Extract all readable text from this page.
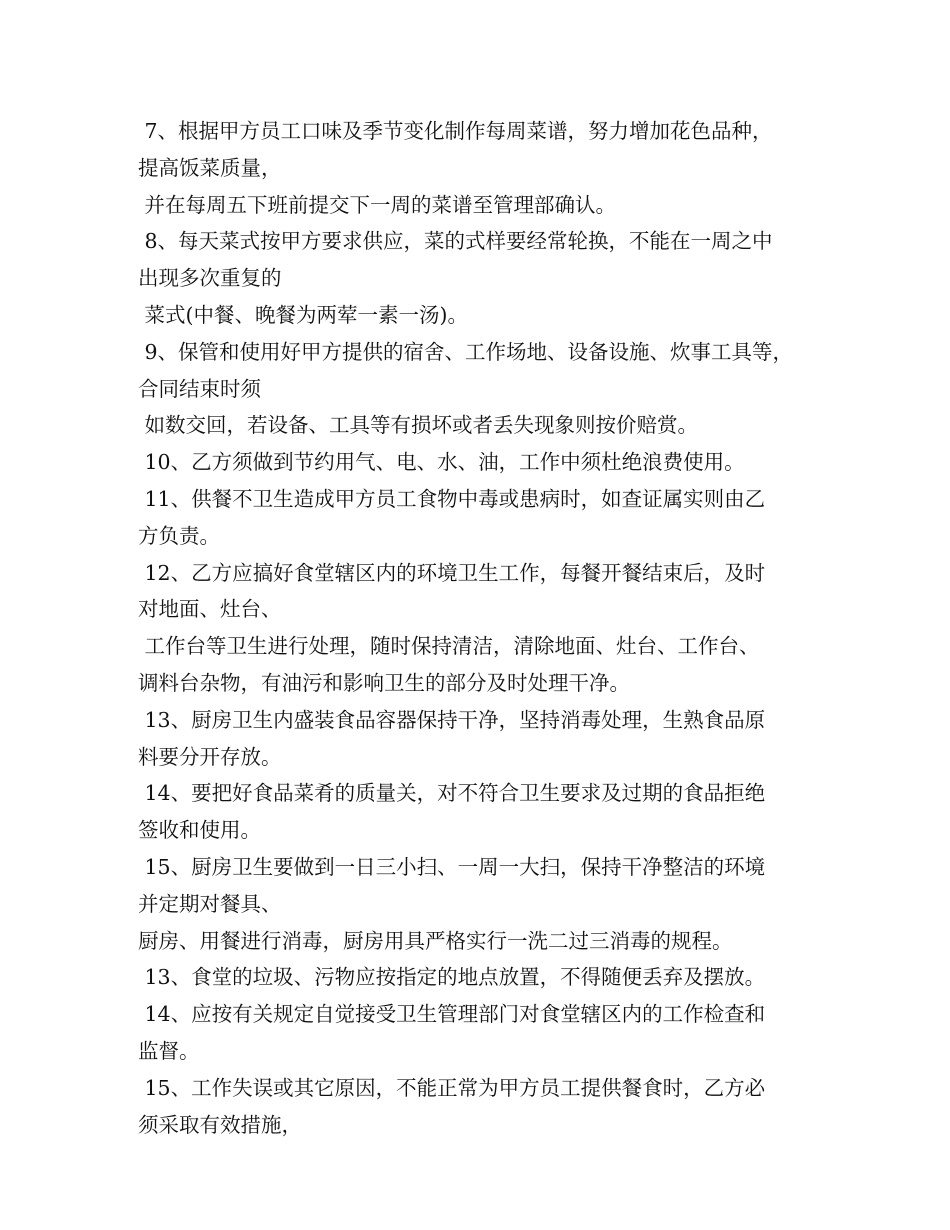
7、根据甲方员工口味及季节变化制作每周菜谱，努力增加花色品种，
提高饭菜质量，
并在每周五下班前提交下一周的菜谱至管理部确认。
8、每天菜式按甲方要求供应，菜的式样要经常轮换，不能在一周之中
出现多次重复的
菜式(中餐、晚餐为两荤一素一汤)。
9、保管和使用好甲方提供的宿舍、工作场地、设备设施、炊事工具等，
合同结束时须
如数交回，若设备、工具等有损坏或者丢失现象则按价赔赏。
10、乙方须做到节约用气、电、水、油，工作中须杜绝浪费使用。
11、供餐不卫生造成甲方员工食物中毒或患病时，如查证属实则由乙
方负责。
12、乙方应搞好食堂辖区内的环境卫生工作，每餐开餐结束后，及时
对地面、灶台、
工作台等卫生进行处理，随时保持清洁，清除地面、灶台、工作台、
调料台杂物，有油污和影响卫生的部分及时处理干净。
13、厨房卫生内盛装食品容器保持干净，坚持消毒处理，生熟食品原
料要分开存放。
14、要把好食品菜肴的质量关，对不符合卫生要求及过期的食品拒绝
签收和使用。
15、厨房卫生要做到一日三小扫、一周一大扫，保持干净整洁的环境
并定期对餐具、
厨房、用餐进行消毒，厨房用具严格实行一洗二过三消毒的规程。
13、食堂的垃圾、污物应按指定的地点放置，不得随便丢弃及摆放。
14、应按有关规定自觉接受卫生管理部门对食堂辖区内的工作检查和
监督。
15、工作失误或其它原因，不能正常为甲方员工提供餐食时，乙方必
须采取有效措施，
